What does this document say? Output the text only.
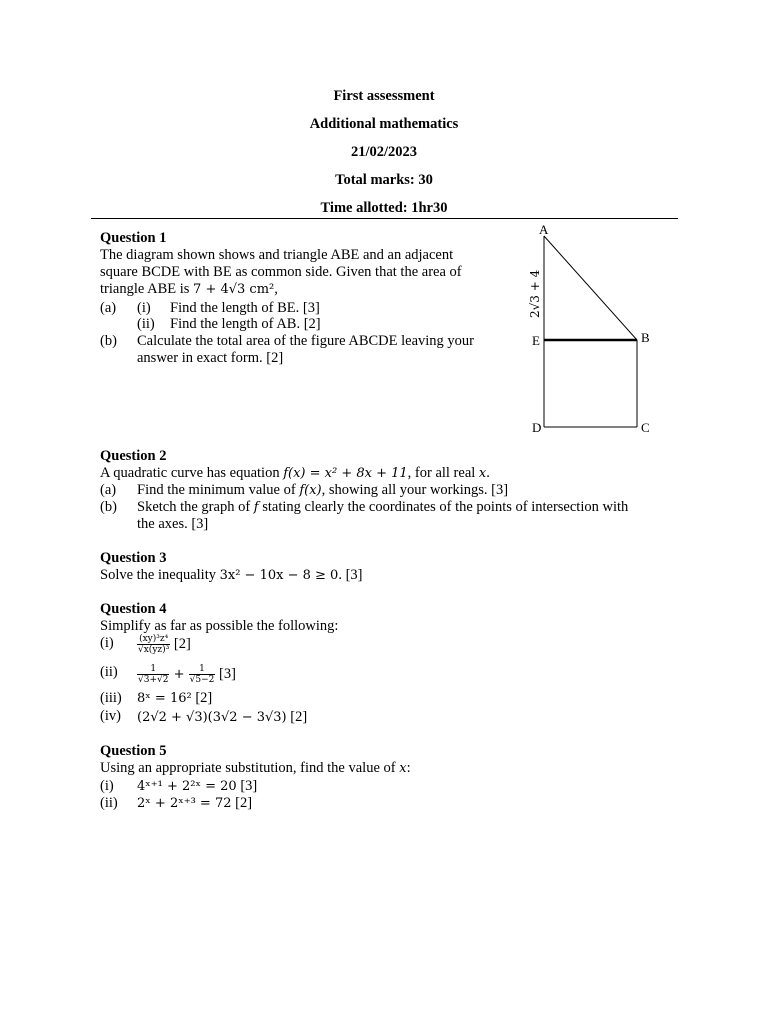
First assessment
Additional mathematics
21/02/2023
Total marks: 30
Time allotted: 1hr30
Question 1
The diagram shown shows and triangle ABE and an adjacent
square BCDE with BE as common side. Given that the area of
triangle ABE is 7 + 4√3 cm²,
(a) (i) Find the length of BE. [3]
(ii) Find the length of AB. [2]
(b) Calculate the total area of the figure ABCDE leaving your
answer in exact form. [2]
A
B
E
D	C
2√3 + 4
Question 2
A quadratic curve has equation f(x) = x² + 8x + 11, for all real x.
(a) Find the minimum value of f(x), showing all your workings. [3]
(b) Sketch the graph of f stating clearly the coordinates of the points of intersection with
the axes. [3]
Question 3
Solve the inequality 3x² − 10x − 8 ≥ 0. [3]
Question 4
Simplify as far as possible the following:
(i)	$\frac{\text{(xy)³z⁴}}{\text{√x(yz)³}} [2]$
$(ii) \frac{1}{√3+√2} + \frac{1}{√5-2} [3]$
(iii) 8ˣ = 16² [2]
(iv) (2√2 + √3)(3√2 − 3√3) [2]
Question 5
Using an appropriate substitution, find the value of x:
(i) 4ˣ⁺¹ + 2²ˣ = 20 [3]
(ii) 2ˣ + 2ˣ⁺³ = 72 [2]
